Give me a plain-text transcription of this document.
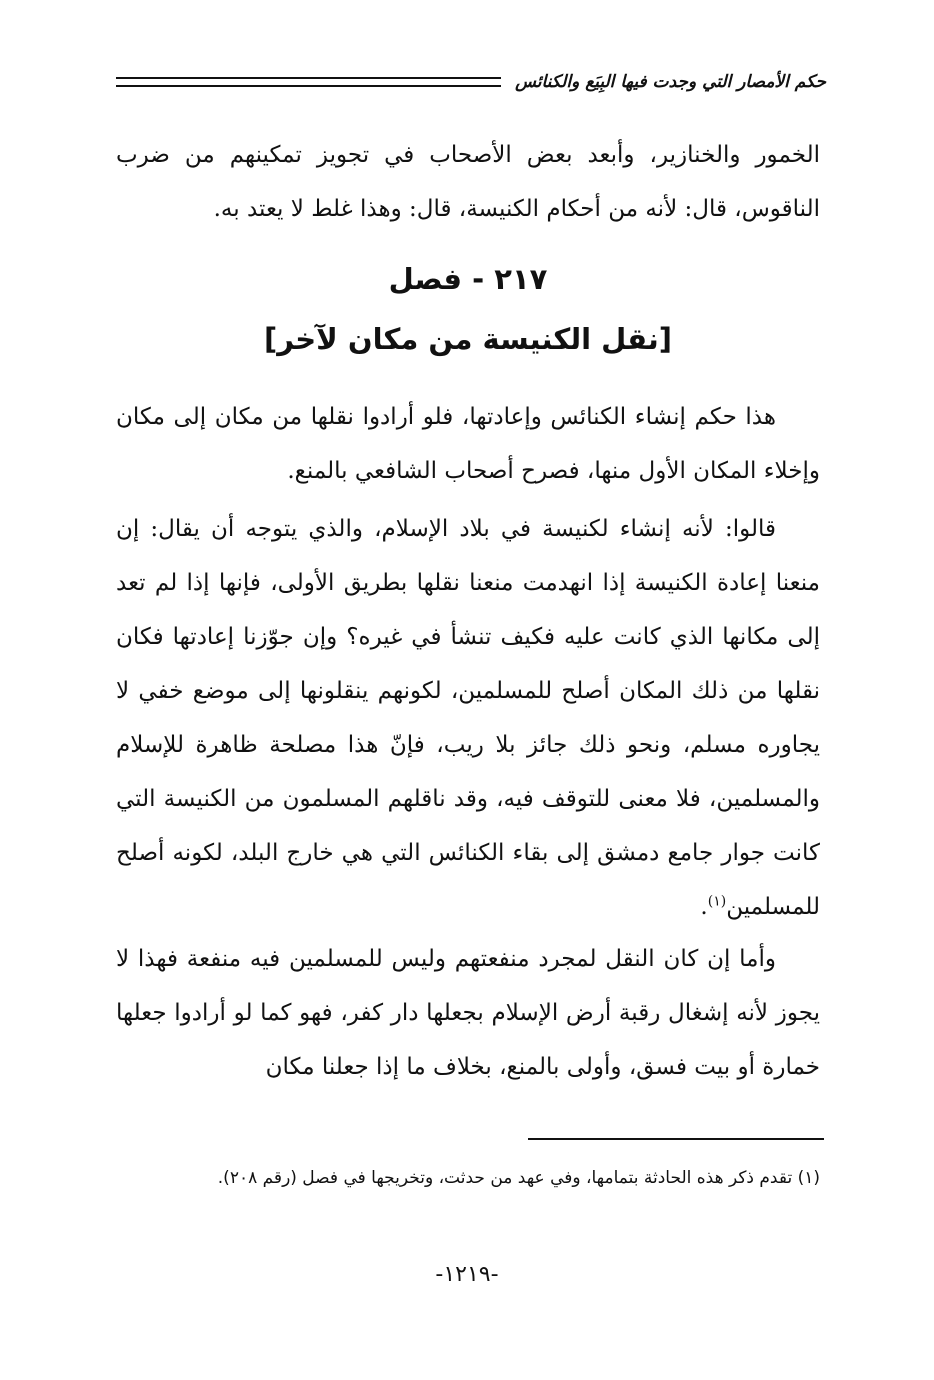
حكم الأمصار التي وجدت فيها البِيَع والكنائس

الخمور والخنازير، وأبعد بعض الأصحاب في تجويز تمكينهم من ضرب الناقوس، قال: لأنه من أحكام الكنيسة، قال: وهذا غلط لا يعتد به.

٢١٧ - فصل
[نقل الكنيسة من مكان لآخر]

هذا حكم إنشاء الكنائس وإعادتها، فلو أرادوا نقلها من مكان إلى مكان وإخلاء المكان الأول منها، فصرح أصحاب الشافعي بالمنع.

قالوا: لأنه إنشاء لكنيسة في بلاد الإسلام، والذي يتوجه أن يقال: إن منعنا إعادة الكنيسة إذا انهدمت منعنا نقلها بطريق الأولى، فإنها إذا لم تعد إلى مكانها الذي كانت عليه فكيف تنشأ في غيره؟ وإن جوّزنا إعادتها فكان نقلها من ذلك المكان أصلح للمسلمين، لكونهم ينقلونها إلى موضع خفي لا يجاوره مسلم، ونحو ذلك جائز بلا ريب، فإنّ هذا مصلحة ظاهرة للإسلام والمسلمين، فلا معنى للتوقف فيه، وقد ناقلهم المسلمون من الكنيسة التي كانت جوار جامع دمشق إلى بقاء الكنائس التي هي خارج البلد، لكونه أصلح للمسلمين$^{(١)}$.

وأما إن كان النقل لمجرد منفعتهم وليس للمسلمين فيه منفعة فهذا لا يجوز لأنه إشغال رقبة أرض الإسلام بجعلها دار كفر، فهو كما لو أرادوا جعلها خمارة أو بيت فسق، وأولى بالمنع، بخلاف ما إذا جعلنا مكان

(١) تقدم ذكر هذه الحادثة بتمامها، وفي عهد من حدثت، وتخريجها في فصل (رقم ٢٠٨).

-١٢١٩-
